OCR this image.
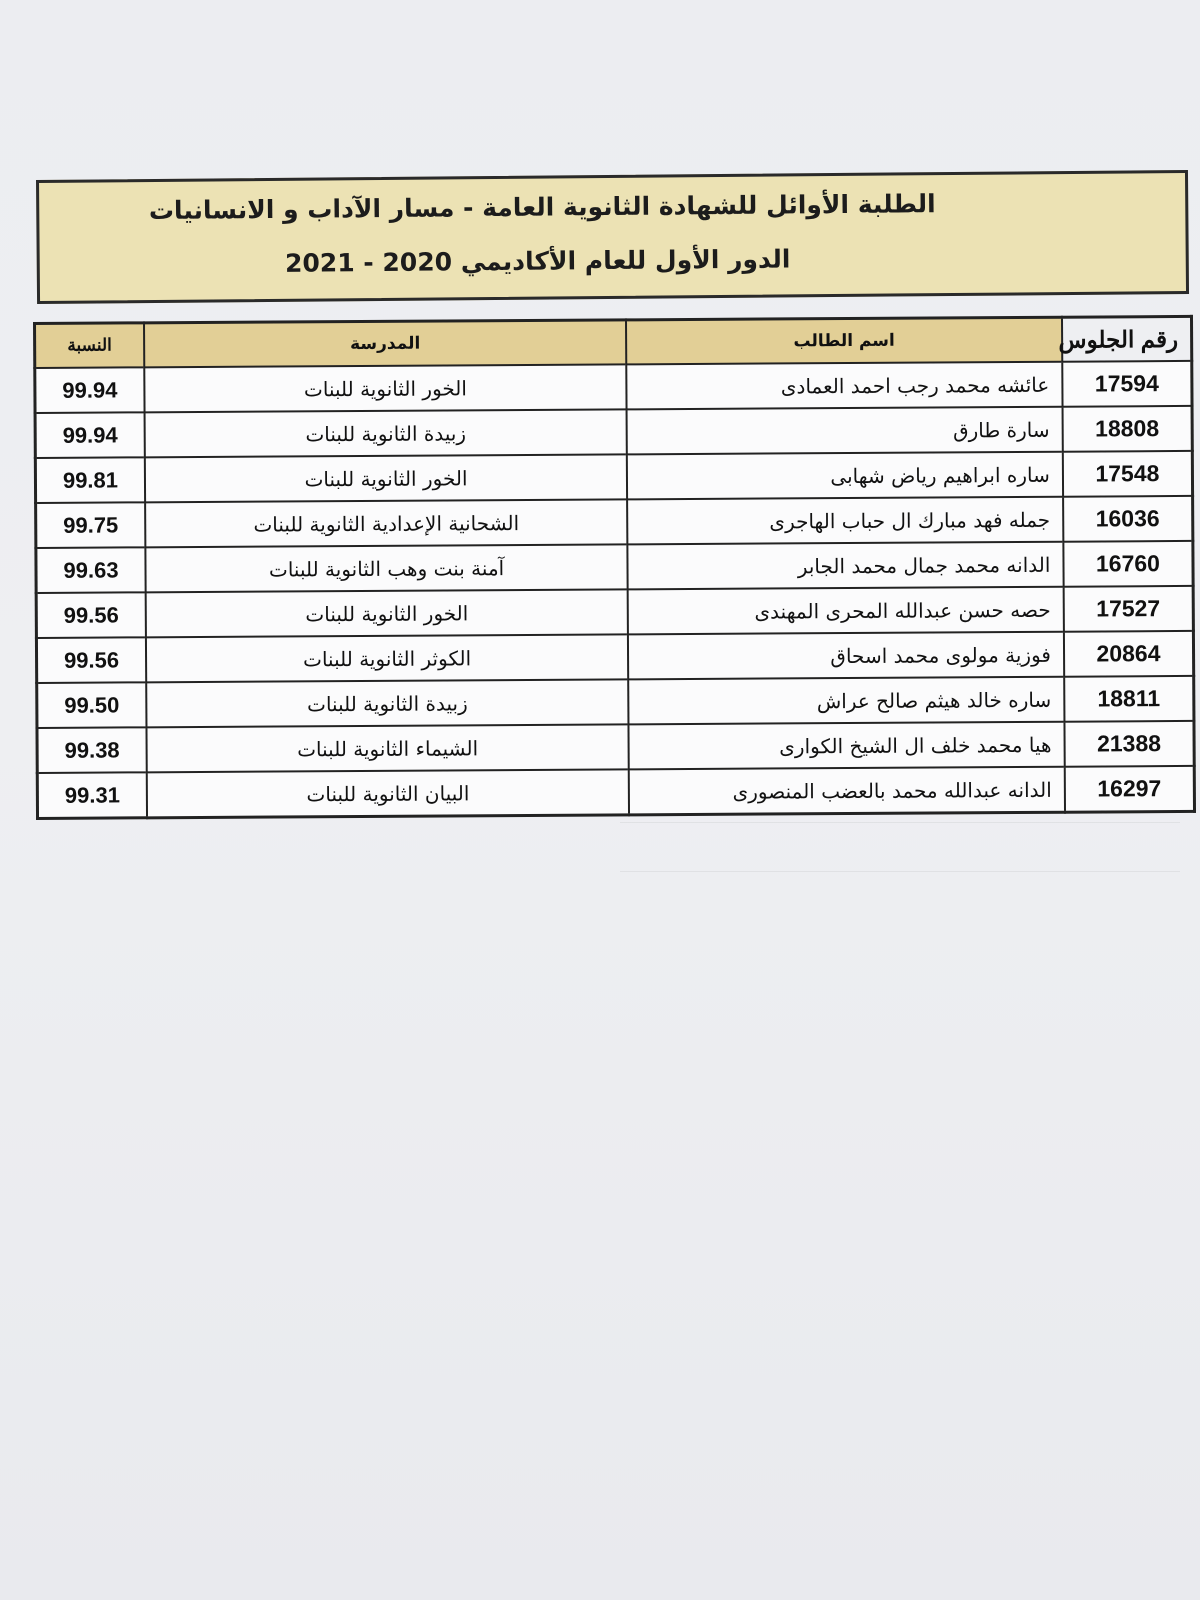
الطلبة الأوائل للشهادة الثانوية العامة - مسار الآداب و الانسانيات
الدور الأول للعام الأكاديمي 2020 - 2021
رقم الجلوس	اسم الطالب	المدرسة	النسبة
17594	عائشه محمد رجب احمد العمادى	الخور الثانوية للبنات	99.94
18808	سارة طارق	زبيدة الثانوية للبنات	99.94
17548	ساره ابراهيم رياض شهابى	الخور الثانوية للبنات	99.81
16036	جمله فهد مبارك ال حباب الهاجرى	الشحانية الإعدادية الثانوية للبنات	99.75
16760	الدانه محمد جمال محمد الجابر	آمنة بنت وهب الثانوية للبنات	99.63
17527	حصه حسن عبدالله المحرى المهندى	الخور الثانوية للبنات	99.56
20864	فوزية مولوى محمد اسحاق	الكوثر الثانوية للبنات	99.56
18811	ساره خالد هيثم صالح عراش	زبيدة الثانوية للبنات	99.50
21388	هيا محمد خلف ال الشيخ الكوارى	الشيماء الثانوية للبنات	99.38
16297	الدانه عبدالله محمد بالعضب المنصورى	البيان الثانوية للبنات	99.31
